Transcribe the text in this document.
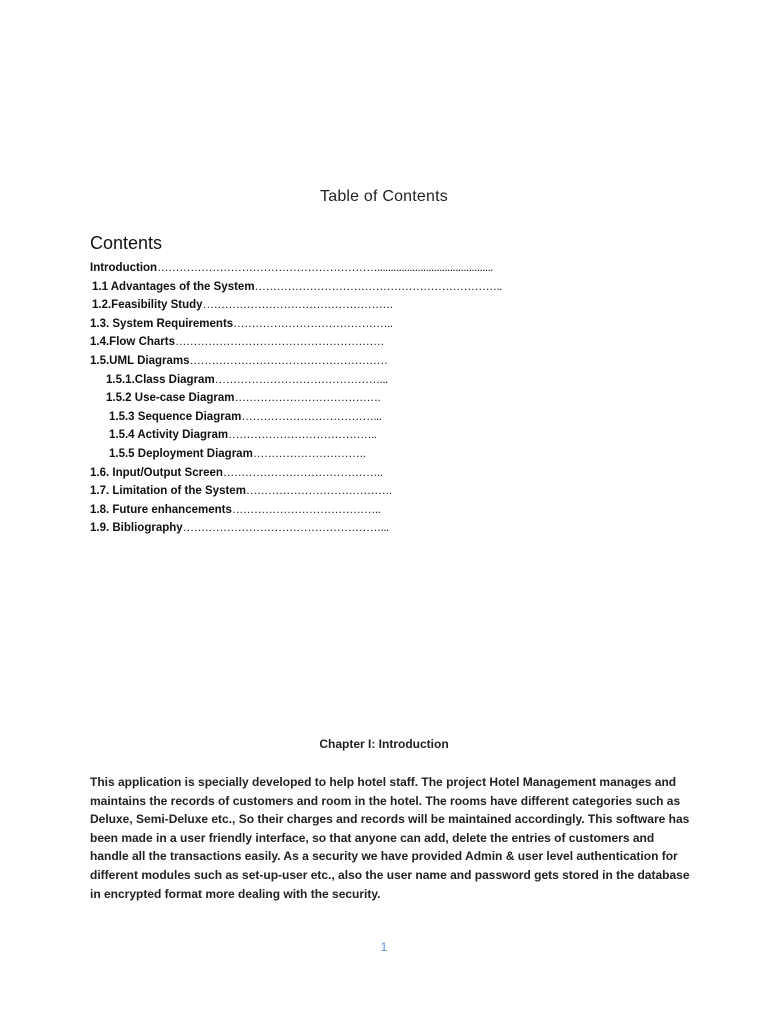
Table of Contents
Contents
Introduction……………………………………………………...........................................
1.1 Advantages of the System…………………………………………………………..
1.2.Feasibility Study…………………………………………….
1.3. System Requirements……………………………………..
1.4.Flow Charts…………………………………………………
1.5.UML Diagrams………………………………………………
1.5.1.Class Diagram………………………………………...
1.5.2 Use-case Diagram………………………………….
1.5.3 Sequence Diagram………………………………...
1.5.4 Activity Diagram…………………………………..
1.5.5 Deployment Diagram………………………….
1.6. Input/Output Screen……………………………………..
1.7. Limitation of the System………………………………….
1.8. Future enhancements…………………………………..
1.9. Bibliography………………………………………………...
Chapter I: Introduction

This application is specially developed to help hotel staff. The project Hotel Management manages and maintains the records of customers and room in the hotel. The rooms have different categories such as Deluxe, Semi-Deluxe etc., So their charges and records will be maintained accordingly. This software has been made in a user friendly interface, so that anyone can add, delete the entries of customers and handle all the transactions easily. As a security we have provided Admin & user level authentication for different modules such as set-up-user etc., also the user name and password gets stored in the database in encrypted format more dealing with the security.

1
